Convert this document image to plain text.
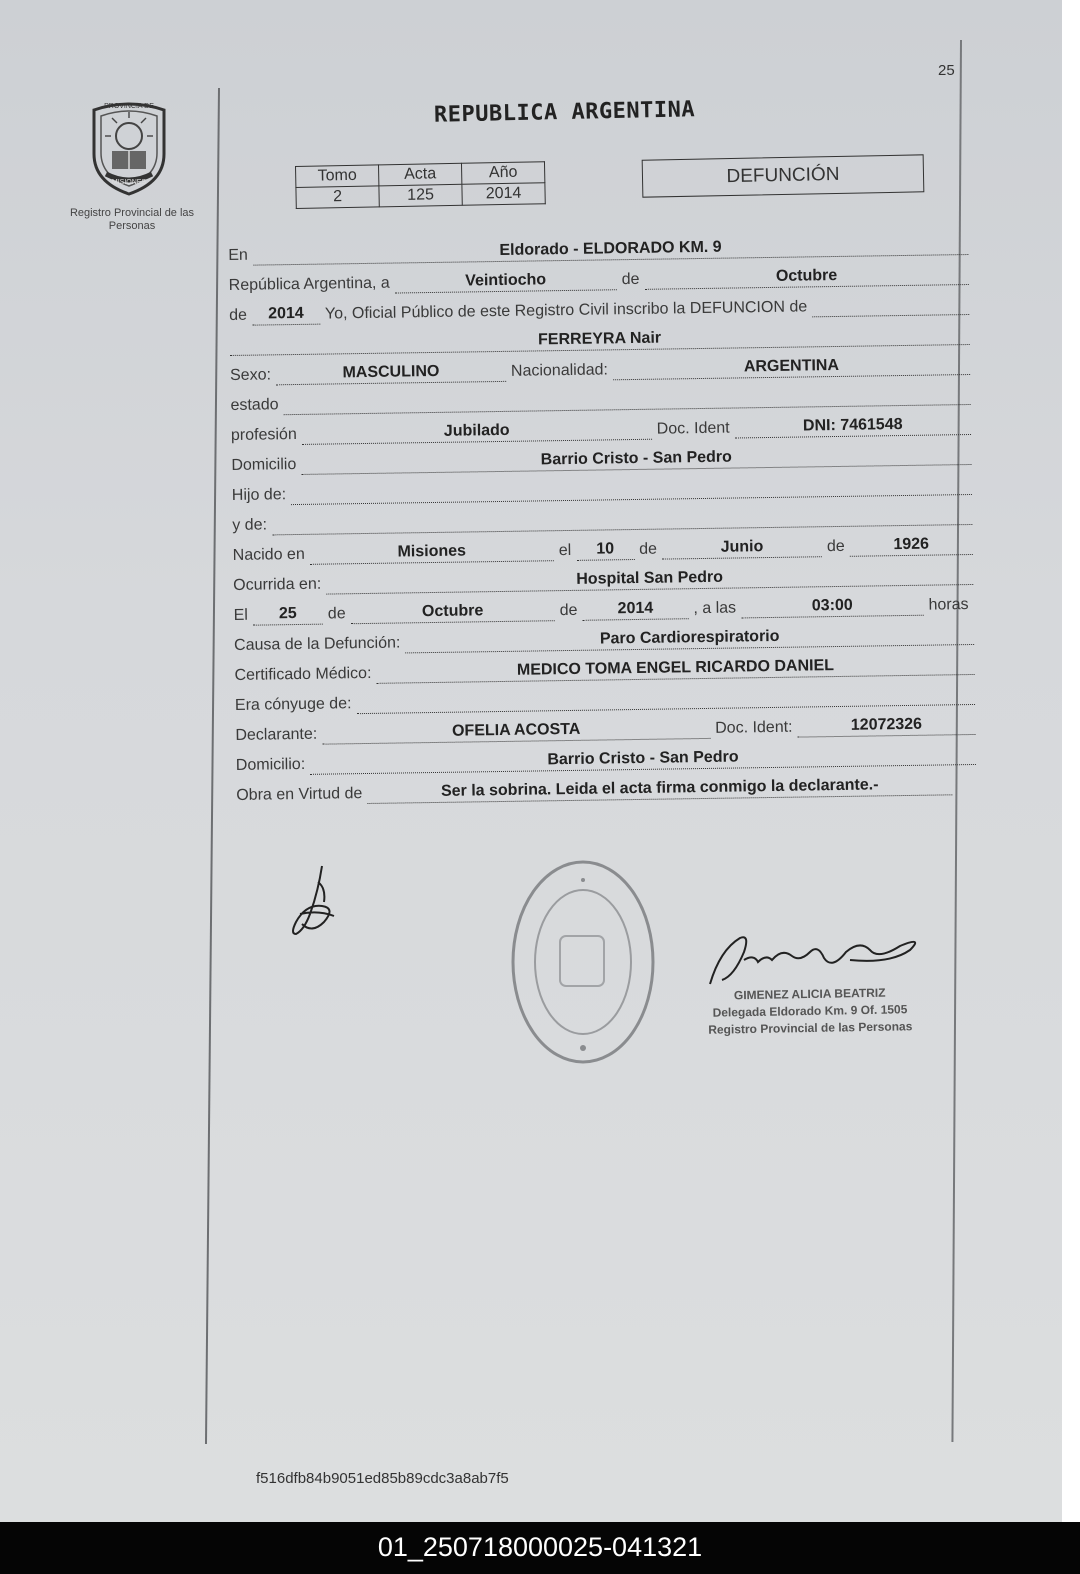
25
PROVINCIA DE
MISIONES
Registro Provincial de las Personas
REPUBLICA ARGENTINA
Tomo	Acta	Año
2	125	2014
DEFUNCIÓN
En	Eldorado - ELDORADO KM. 9
República Argentina, a	Veintiocho	de	Octubre
de	2014	Yo, Oficial Público de este Registro Civil inscribo la DEFUNCION de
FERREYRA Nair
Sexo:	MASCULINO	Nacionalidad:	ARGENTINA
estado
profesión	Jubilado	Doc. Ident	DNI: 7461548
Domicilio	Barrio Cristo - San Pedro
Hijo de:
y de:
Nacido en	Misiones	el	10	de	Junio	de	1926
Ocurrida en:	Hospital San Pedro
El	25	de	Octubre	de	2014	, a las	03:00	horas
Causa de la Defunción:	Paro Cardiorespiratorio
Certificado Médico:	MEDICO TOMA ENGEL RICARDO DANIEL
Era cónyuge de:
Declarante:	OFELIA ACOSTA	Doc. Ident:	12072326
Domicilio:	Barrio Cristo - San Pedro
Obra en Virtud de	Ser la sobrina. Leida el acta firma conmigo la declarante.-
GIMENEZ ALICIA BEATRIZ
Delegada Eldorado Km. 9 Of. 1505
Registro Provincial de las Personas
f516dfb84b9051ed85b89cdc3a8ab7f5
01_250718000025-041321
